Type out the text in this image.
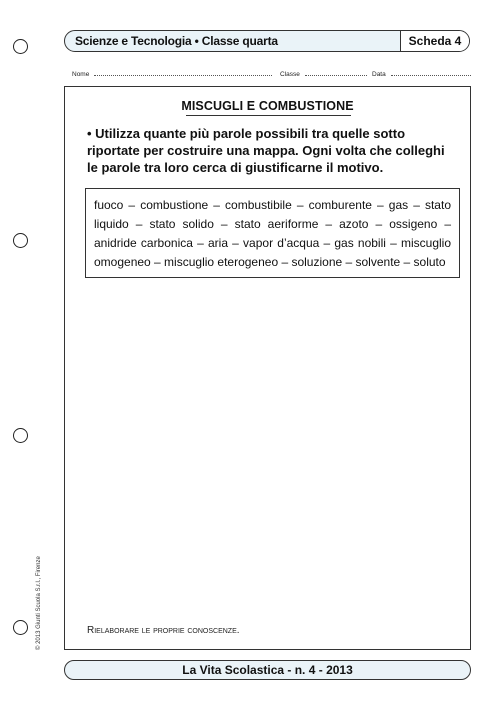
Scienze e Tecnologia • Classe quarta	Scheda 4
Nome	Classe	Data
MISCUGLI E COMBUSTIONE
• Utilizza quante più parole possibili tra quelle sotto riportate per costruire una mappa. Ogni volta che colleghi le parole tra loro cerca di giustificarne il motivo.
fuoco – combustione – combustibile – comburente – gas – stato liquido – stato solido – stato aeriforme – azoto – ossigeno – anidride carbonica – aria – vapor d’acqua – gas nobili – miscuglio omogeneo – miscuglio eterogeneo – soluzione – solvente – soluto
Rielaborare le proprie conoscenze.
© 2013 Giunti Scuola S.r.l., Firenze
La Vita Scolastica - n. 4 - 2013
